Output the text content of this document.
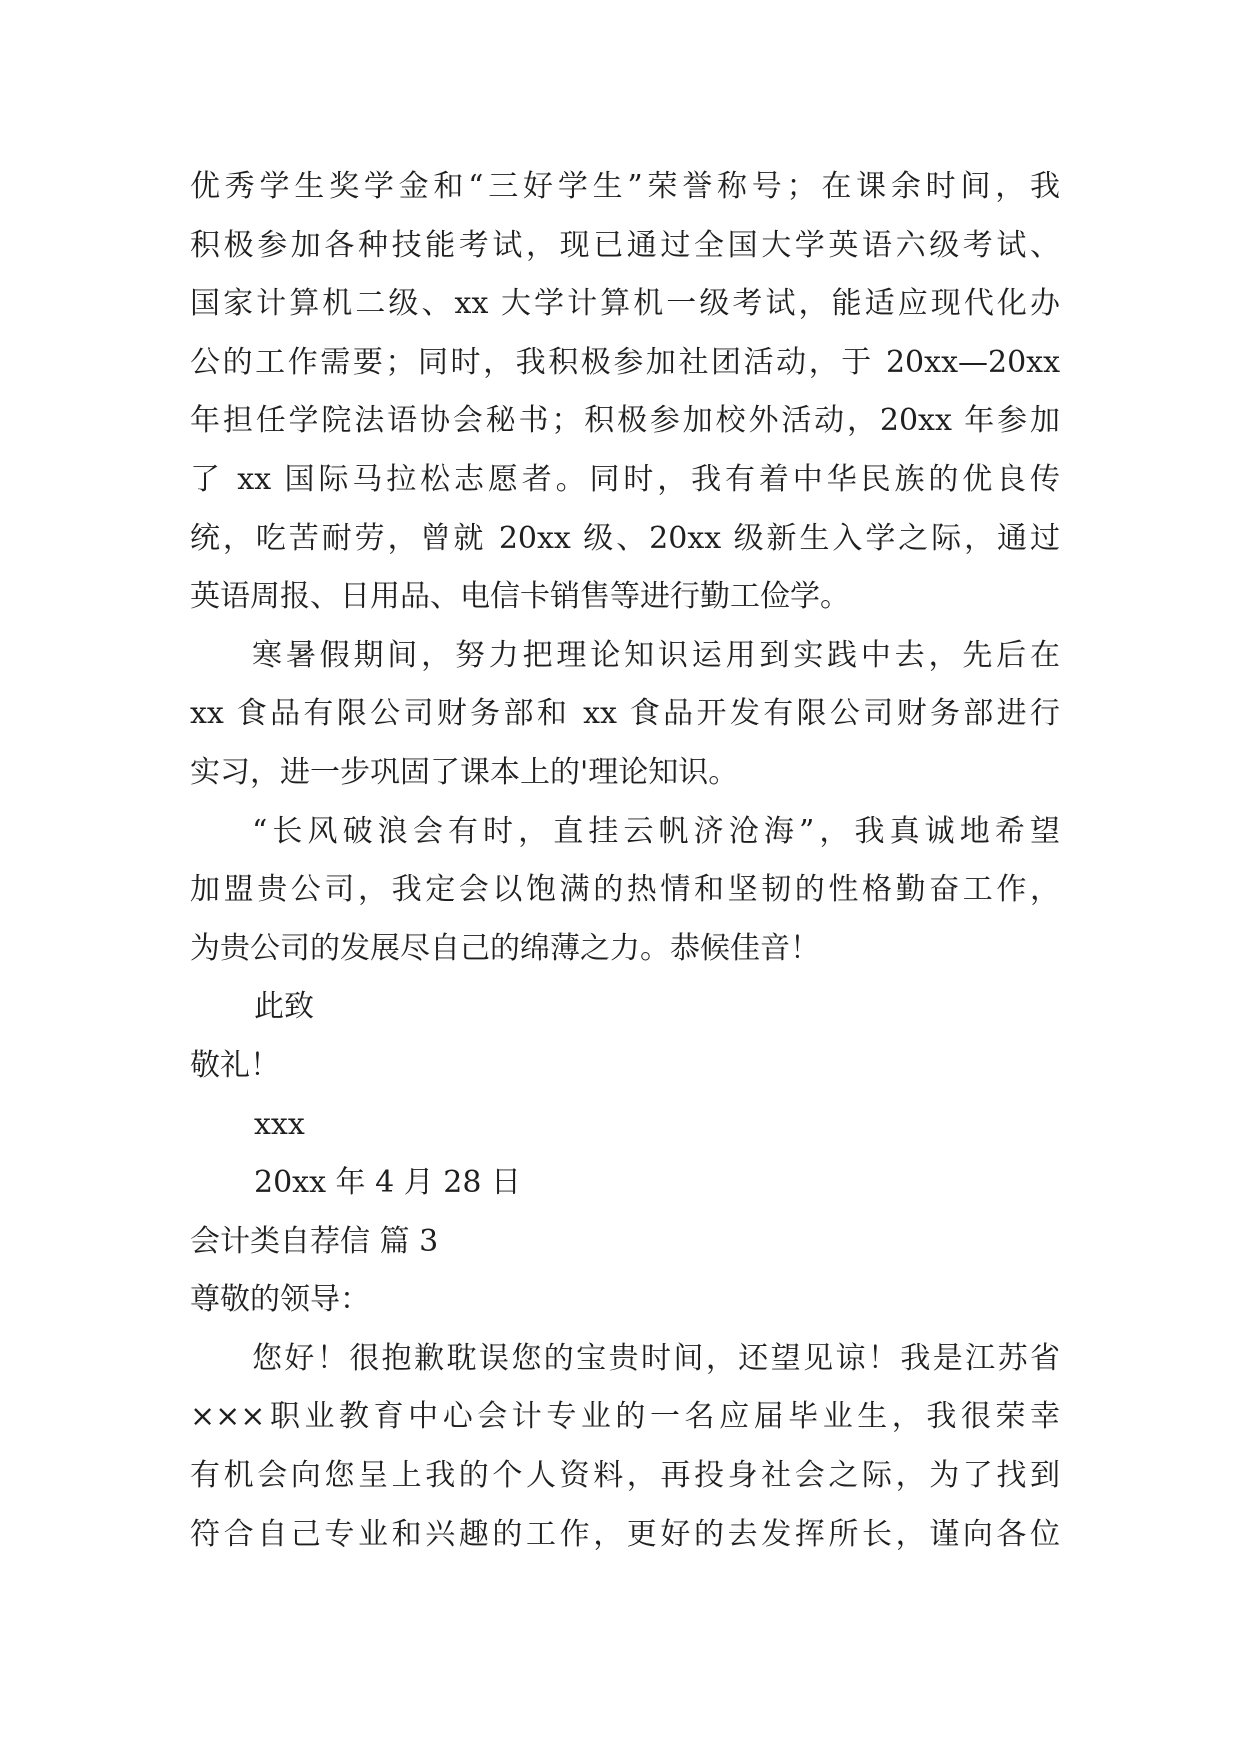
优秀学生奖学金和“三好学生”荣誉称号；在课余时间，我

积极参加各种技能考试，现已通过全国大学英语六级考试、

国家计算机二级、xx 大学计算机一级考试，能适应现代化办

公的工作需要；同时，我积极参加社团活动，于 20xx—20xx

年担任学院法语协会秘书；积极参加校外活动，20xx 年参加

了 xx 国际马拉松志愿者。同时，我有着中华民族的优良传

统，吃苦耐劳，曾就 20xx 级、20xx 级新生入学之际，通过

英语周报、日用品、电信卡销售等进行勤工俭学。

寒暑假期间，努力把理论知识运用到实践中去，先后在

xx 食品有限公司财务部和 xx 食品开发有限公司财务部进行

实习，进一步巩固了课本上的'理论知识。

“长风破浪会有时，直挂云帆济沧海”，我真诚地希望

加盟贵公司，我定会以饱满的热情和坚韧的性格勤奋工作，

为贵公司的发展尽自己的绵薄之力。恭候佳音！

此致

敬礼！

xxx

20xx 年 4 月 28 日

会计类自荐信 篇 3

尊敬的领导：

您好！很抱歉耽误您的宝贵时间，还望见谅！我是江苏省

×××职业教育中心会计专业的一名应届毕业生，我很荣幸

有机会向您呈上我的个人资料，再投身社会之际，为了找到

符合自己专业和兴趣的工作，更好的去发挥所长，谨向各位
